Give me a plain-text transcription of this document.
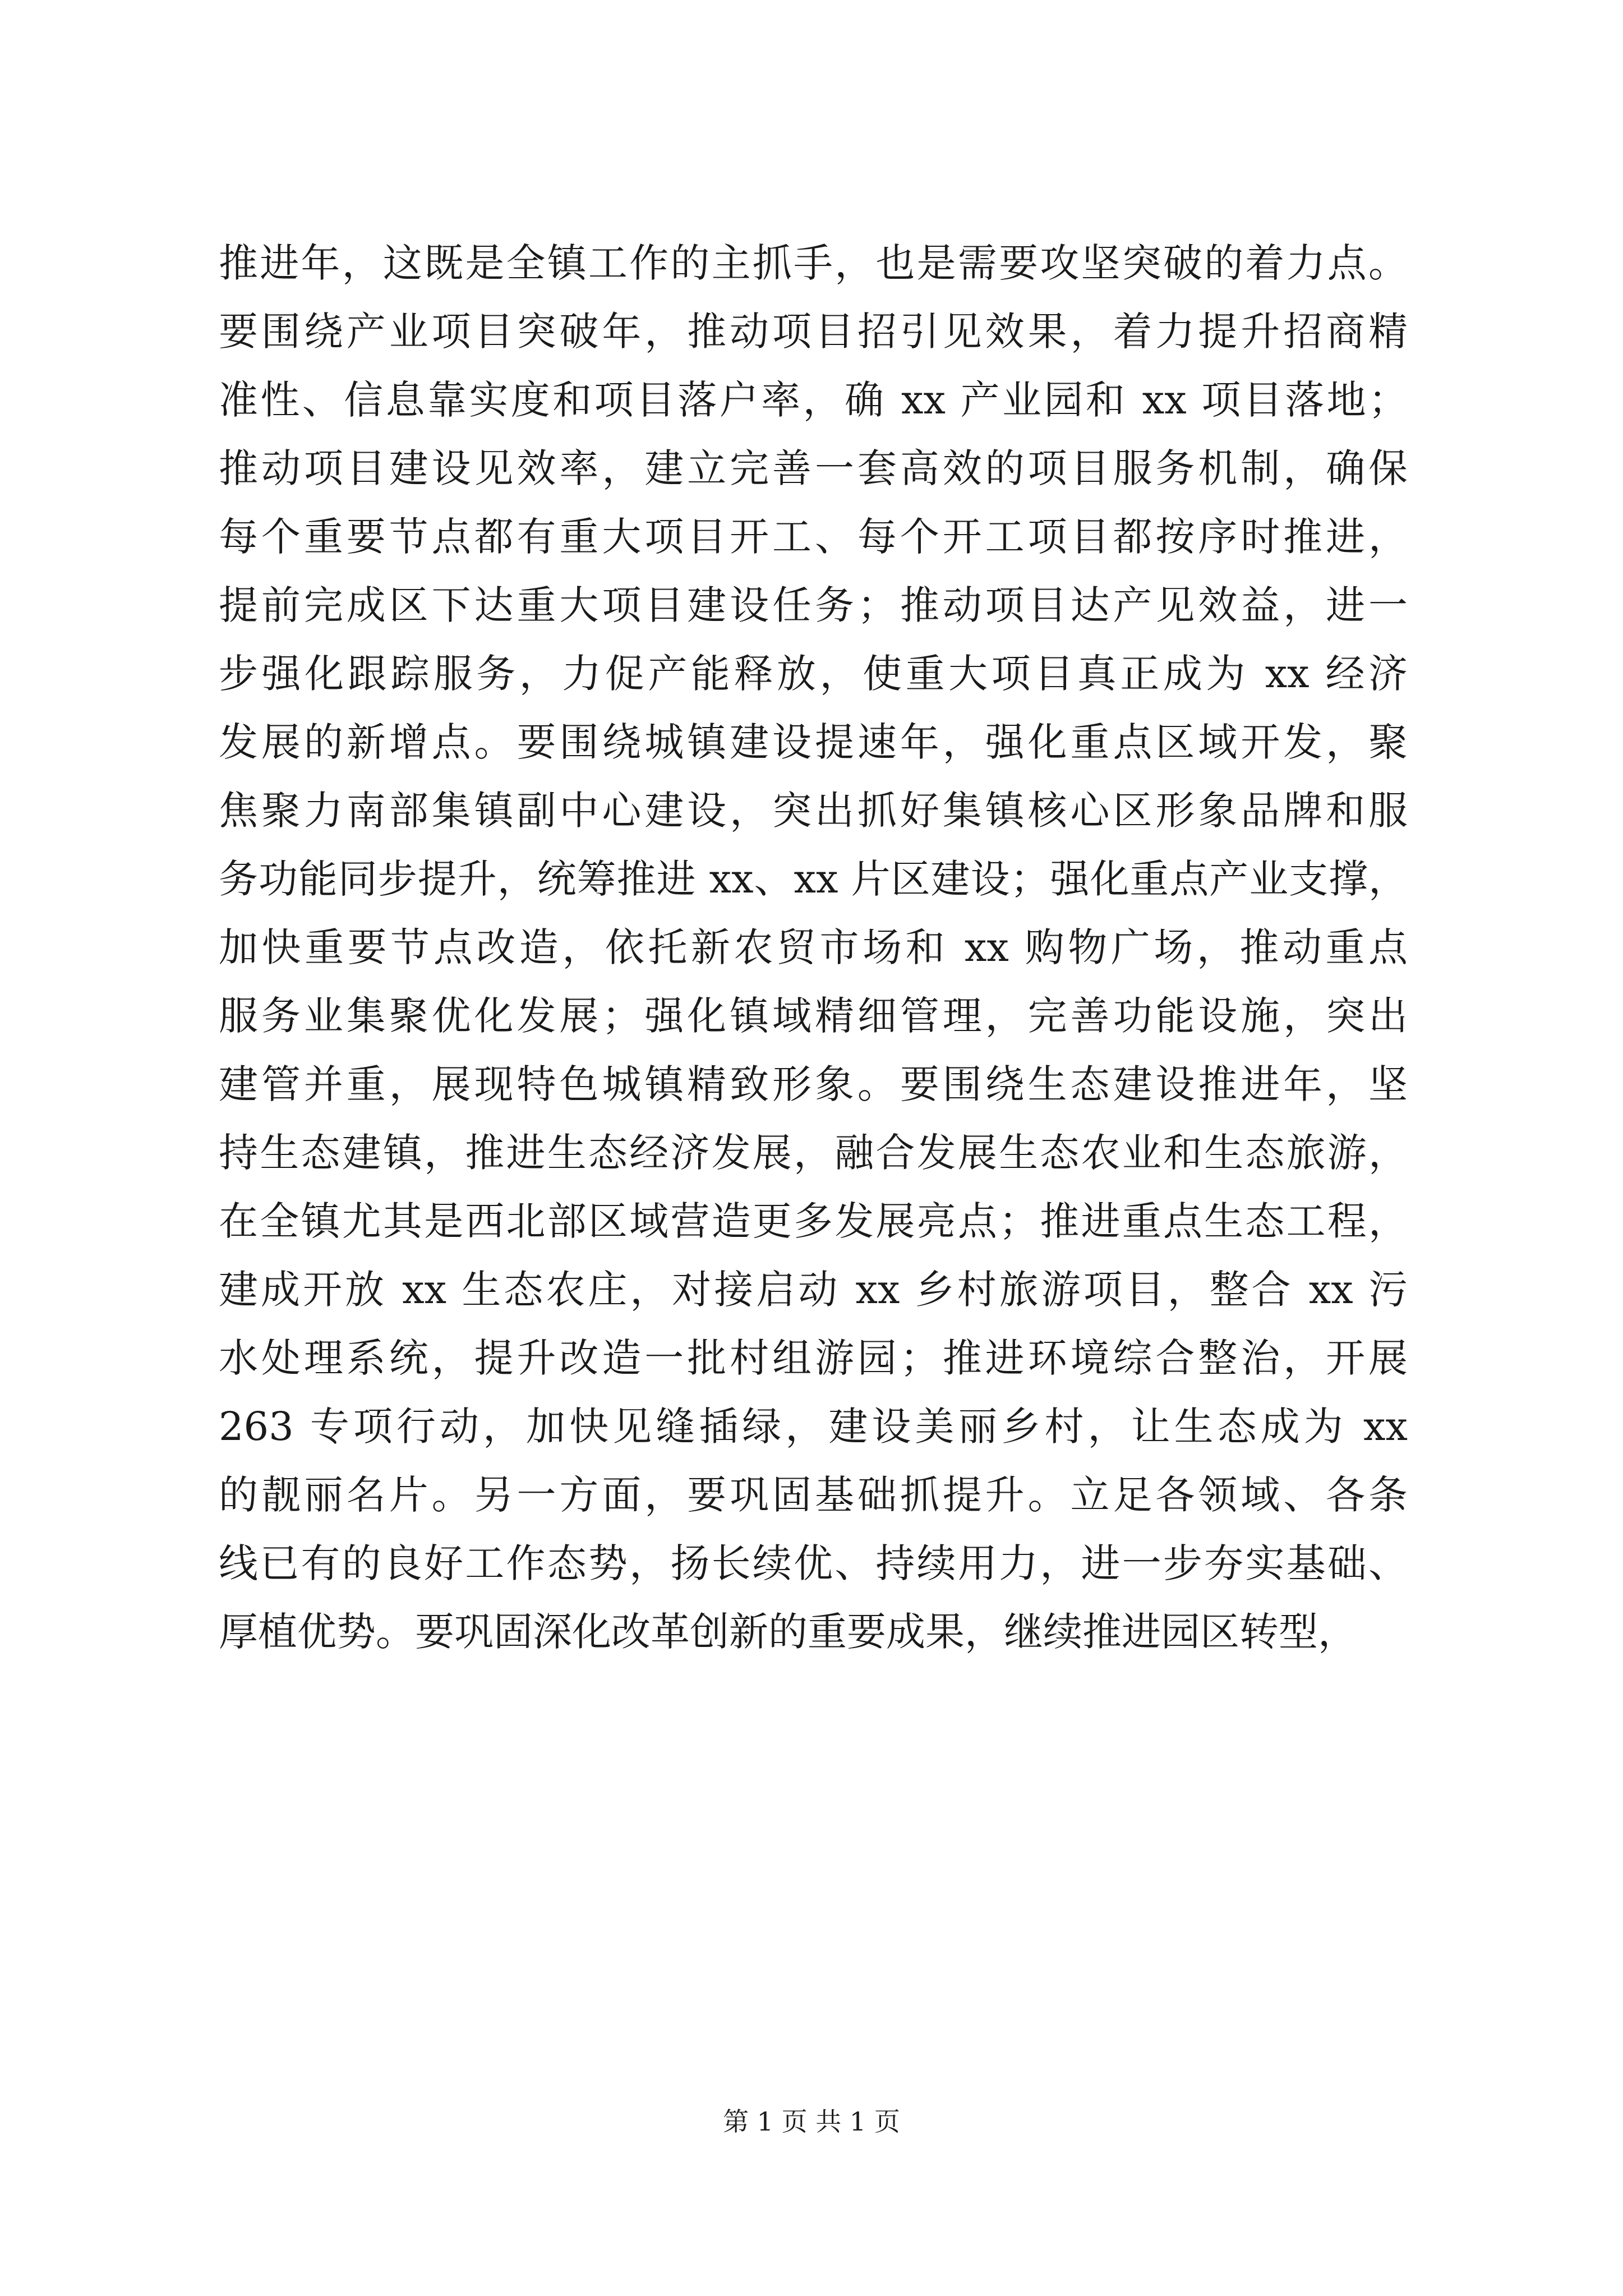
推进年，这既是全镇工作的主抓手，也是需要攻坚突破的着力点。
要围绕产业项目突破年，推动项目招引见效果，着力提升招商精
准性、信息靠实度和项目落户率，确 xx 产业园和 xx 项目落地；
推动项目建设见效率，建立完善一套高效的项目服务机制，确保
每个重要节点都有重大项目开工、每个开工项目都按序时推进，
提前完成区下达重大项目建设任务；推动项目达产见效益，进一
步强化跟踪服务，力促产能释放，使重大项目真正成为 xx 经济
发展的新增点。要围绕城镇建设提速年，强化重点区域开发，聚
焦聚力南部集镇副中心建设，突出抓好集镇核心区形象品牌和服
务功能同步提升，统筹推进 xx、xx 片区建设；强化重点产业支撑，
加快重要节点改造，依托新农贸市场和 xx 购物广场，推动重点
服务业集聚优化发展；强化镇域精细管理，完善功能设施，突出
建管并重，展现特色城镇精致形象。要围绕生态建设推进年，坚
持生态建镇，推进生态经济发展，融合发展生态农业和生态旅游，
在全镇尤其是西北部区域营造更多发展亮点；推进重点生态工程，
建成开放 xx 生态农庄，对接启动 xx 乡村旅游项目，整合 xx 污
水处理系统，提升改造一批村组游园；推进环境综合整治，开展
263 专项行动，加快见缝插绿，建设美丽乡村，让生态成为 xx
的靓丽名片。另一方面，要巩固基础抓提升。立足各领域、各条
线已有的良好工作态势，扬长续优、持续用力，进一步夯实基础、
厚植优势。要巩固深化改革创新的重要成果，继续推进园区转型，
第 1 页 共 1 页
